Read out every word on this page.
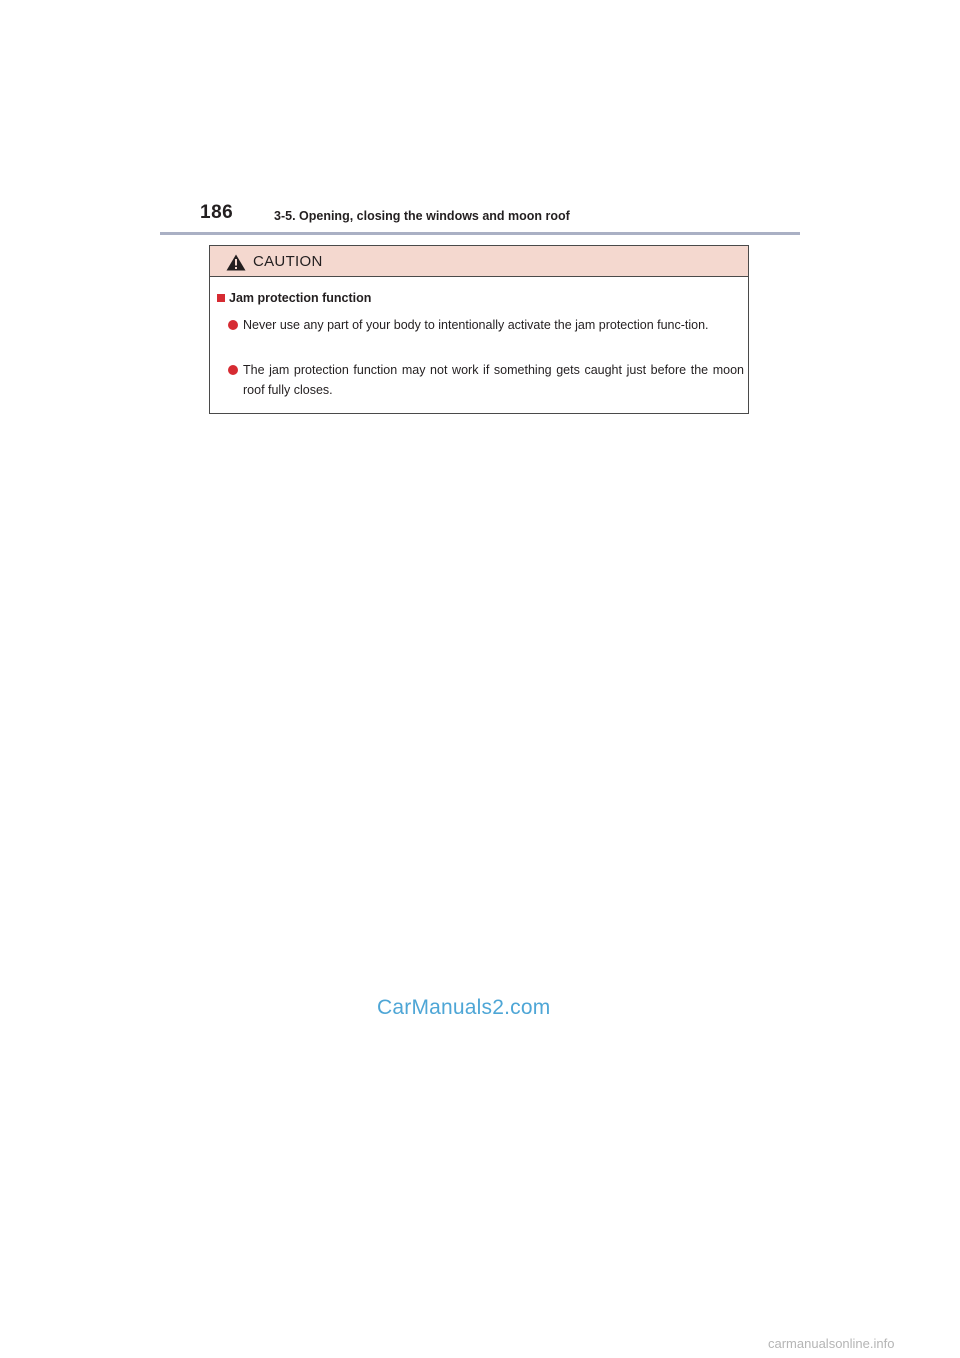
186	3-5. Opening, closing the windows and moon roof
CAUTION
Jam protection function
Never use any part of your body to intentionally activate the jam protection func-tion.
The jam protection function may not work if something gets caught just before the moon roof fully closes.
CarManuals2.com
carmanualsonline.info
